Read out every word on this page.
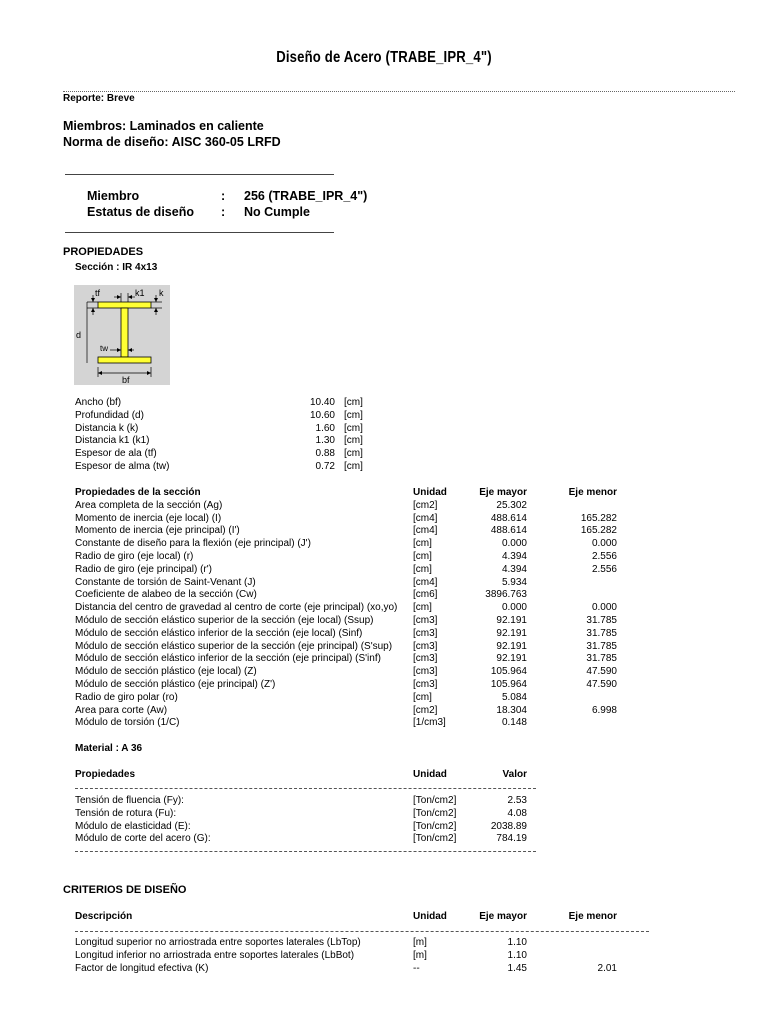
Diseño de Acero (TRABE_IPR_4")
Reporte: Breve
Miembros: Laminados en caliente
Norma de diseño: AISC 360-05 LRFD
Miembro	: 256 (TRABE_IPR_4")
Estatus de diseño : No Cumple
PROPIEDADES
Sección : IR 4x13
tf	k1 k
d
tw
bf
Ancho (bf)	10.40	[cm]
Profundidad (d)	10.60	[cm]
Distancia k (k)	1.60	[cm]
Distancia k1 (k1)	1.30	[cm]
Espesor de ala (tf)	0.88	[cm]
Espesor de alma (tw)	0.72	[cm]
Propiedades de la sección	Unidad	Eje mayor	Eje menor
Area completa de la sección (Ag)	[cm2]	25.302	
Momento de inercia (eje local) (I)	[cm4]	488.614	165.282
Momento de inercia (eje principal) (I')	[cm4]	488.614	165.282
Constante de diseño para la flexión (eje principal) (J')	[cm]	0.000	0.000
Radio de giro (eje local) (r)	[cm]	4.394	2.556
Radio de giro (eje principal) (r')	[cm]	4.394	2.556
Constante de torsión de Saint-Venant (J)	[cm4]	5.934	
Coeficiente de alabeo de la sección (Cw)	[cm6]	3896.763	
Distancia del centro de gravedad al centro de corte (eje principal) (xo,yo)	[cm]	0.000	0.000
Módulo de sección elástico superior de la sección (eje local) (Ssup)	[cm3]	92.191	31.785
Módulo de sección elástico inferior de la sección (eje local) (Sinf)	[cm3]	92.191	31.785
Módulo de sección elástico superior de la sección (eje principal) (S'sup)	[cm3]	92.191	31.785
Módulo de sección elástico inferior de la sección (eje principal) (S'inf)	[cm3]	92.191	31.785
Módulo de sección plástico (eje local) (Z)	[cm3]	105.964	47.590
Módulo de sección plástico (eje principal) (Z')	[cm3]	105.964	47.590
Radio de giro polar (ro)	[cm]	5.084	
Area para corte (Aw)	[cm2]	18.304	6.998
Módulo de torsión (1/C)	[1/cm3]	0.148	
Material : A 36
Propiedades	Unidad	Valor
Tensión de fluencia (Fy):	[Ton/cm2]	2.53
Tensión de rotura (Fu):	[Ton/cm2]	4.08
Módulo de elasticidad (E):	[Ton/cm2]	2038.89
Módulo de corte del acero (G):	[Ton/cm2]	784.19
CRITERIOS DE DISEÑO
Descripción	Unidad	Eje mayor	Eje menor
Longitud superior no arriostrada entre soportes laterales (LbTop)	[m]	1.10	
Longitud inferior no arriostrada entre soportes laterales (LbBot)	[m]	1.10	
Factor de longitud efectiva (K)	--	1.45	2.01
